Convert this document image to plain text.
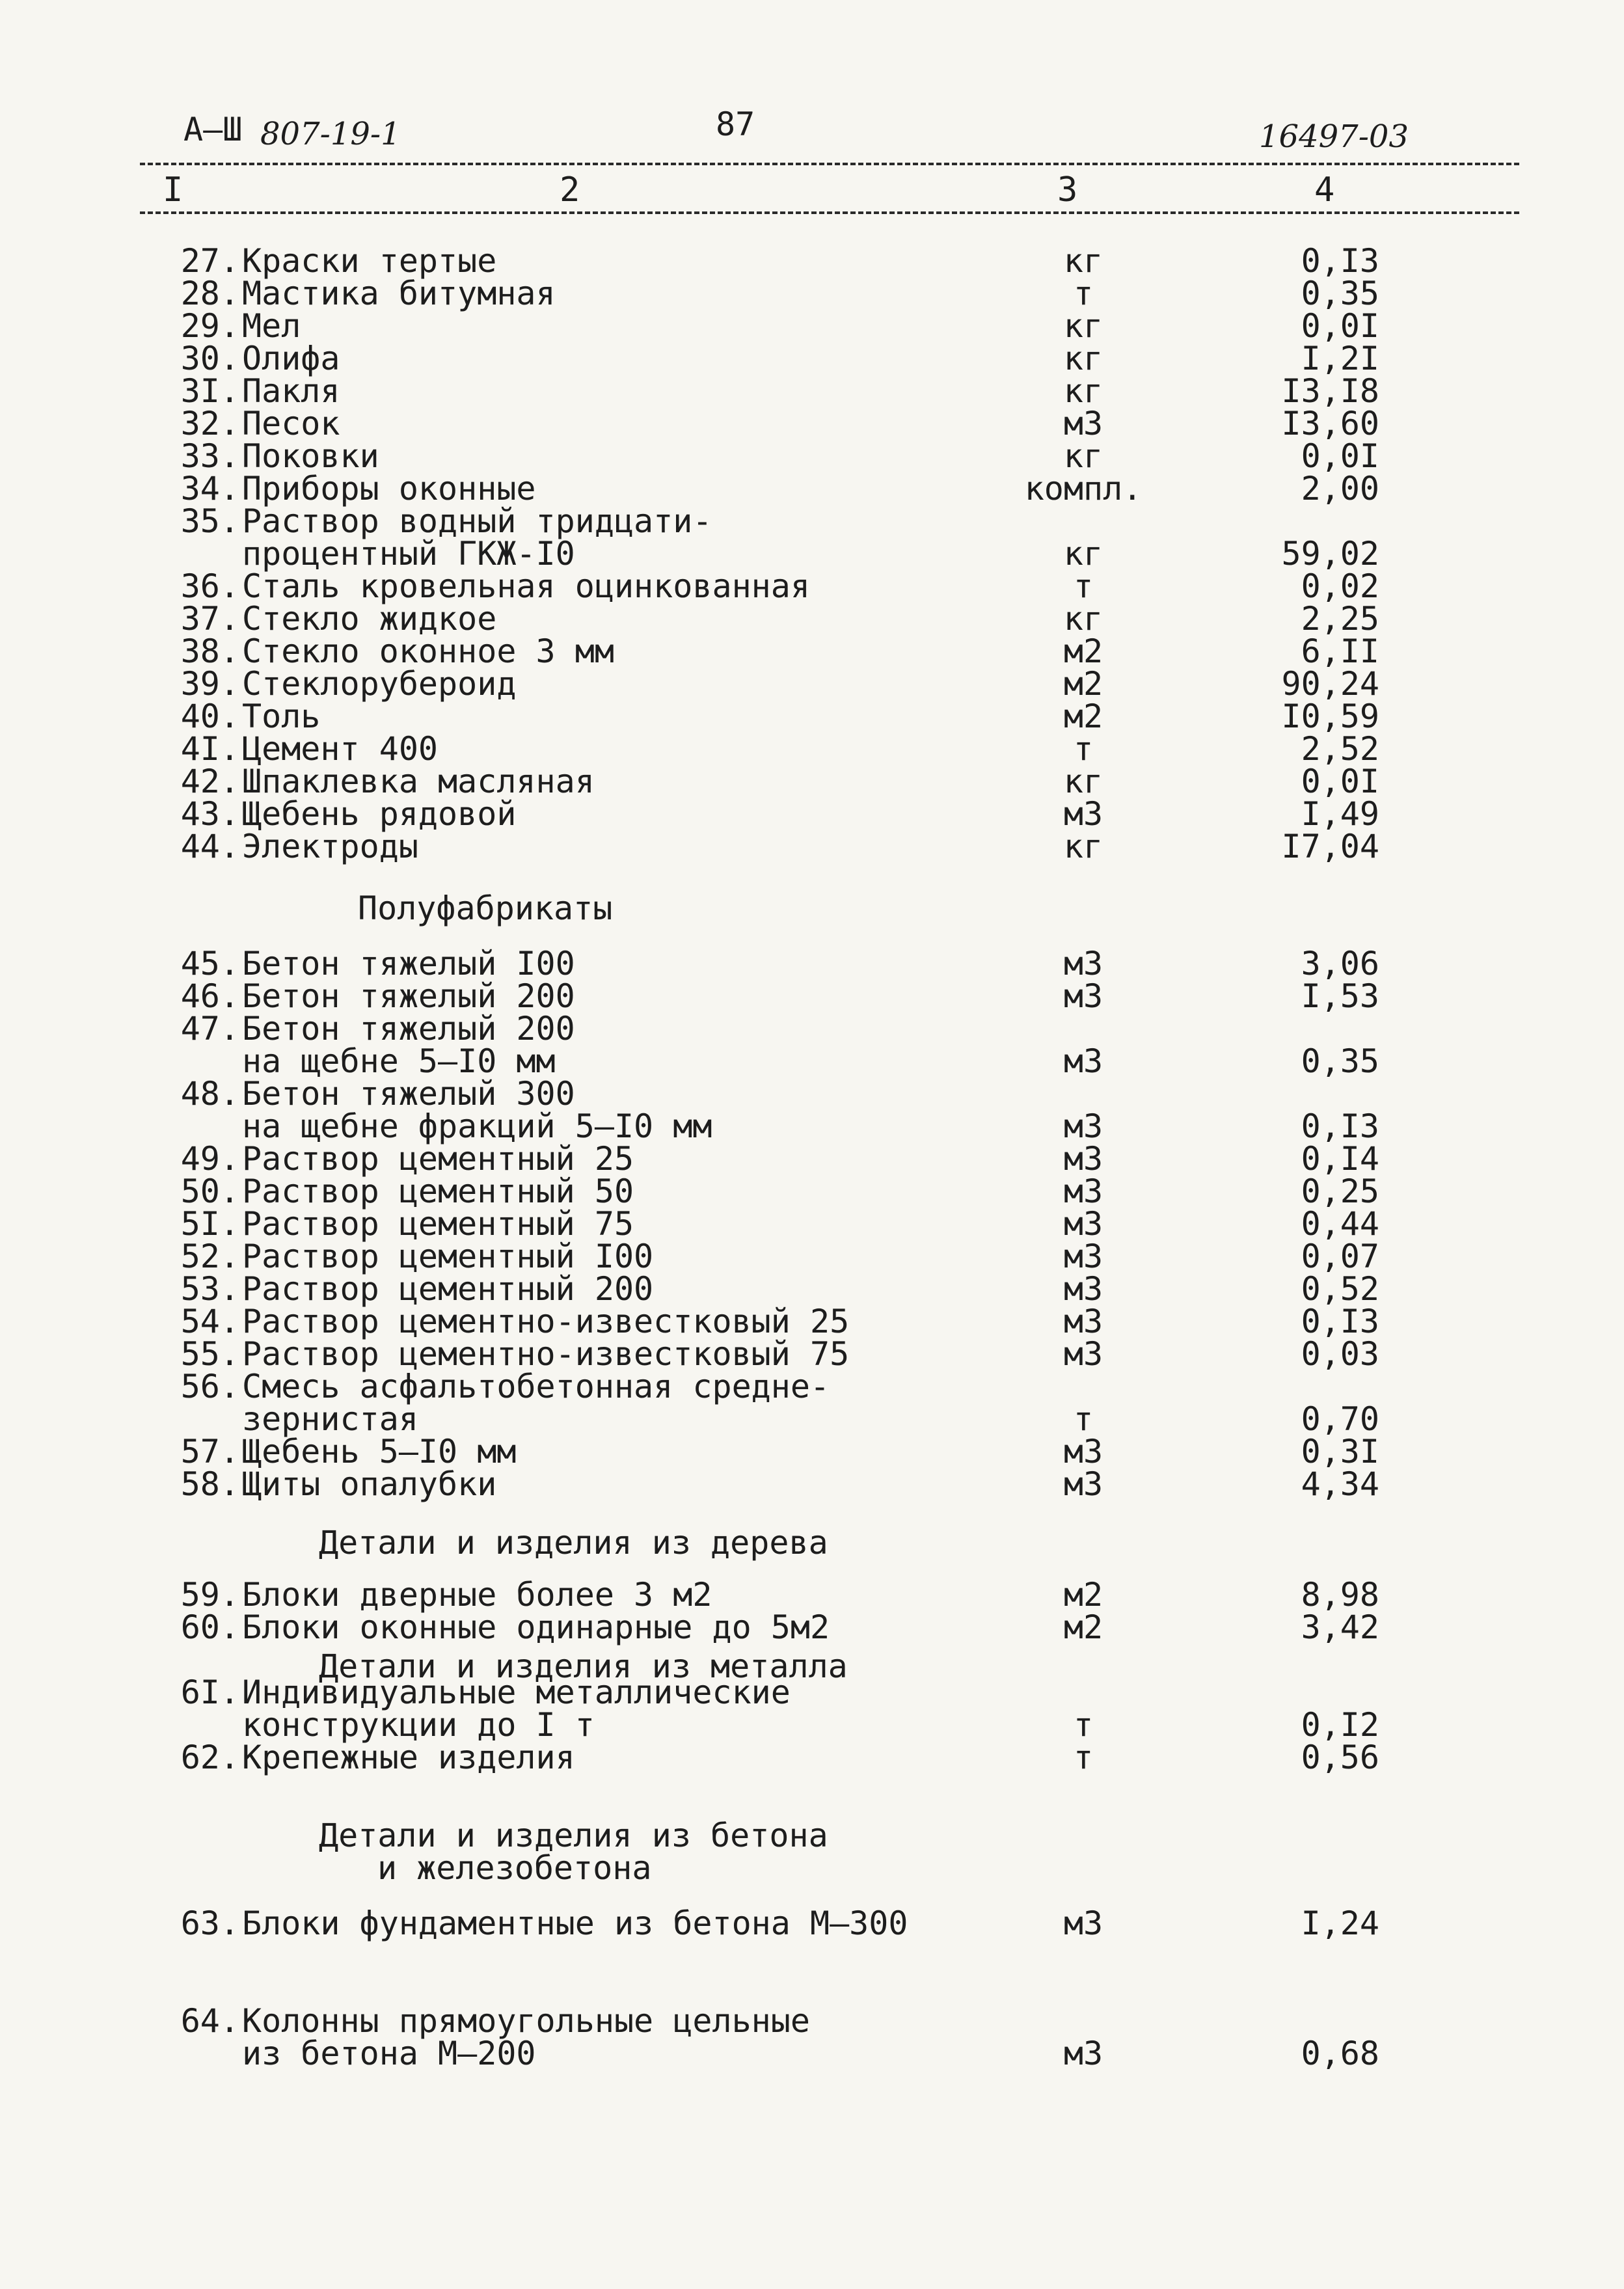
А–Ш 807-19-1	87	16497-03
I	2	3	4
27. Краски тертые	кг	0,I3
28. Мастика битумная	т	0,35
29. Мел	кг	0,0I
30. Олифа	кг	I,2I
3I. Пакля	кг	I3,I8
32. Песок	м3	I3,60
33. Поковки	кг	0,0I
34. Приборы оконные	компл.	2,00
35. Раствор водный тридцати-
процентный ГКЖ-I0	кг	59,02
36. Сталь кровельная оцинкованная	т	0,02
37. Стекло жидкое	кг	2,25
38. Стекло оконное 3 мм	м2	6,II
39. Стеклорубероид	м2	90,24
40. Толь	м2	I0,59
4I. Цемент 400	т	2,52
42. Шпаклевка масляная	кг	0,0I
43. Щебень рядовой	м3	I,49
44. Электроды	кг	I7,04
45. Бетон тяжелый I00	м3	3,06
46. Бетон тяжелый 200	м3	I,53
47. Бетон тяжелый 200
на щебне 5–I0 мм	м3	0,35
48. Бетон тяжелый 300
на щебне фракций 5–I0 мм	м3	0,I3
49. Раствор цементный 25	м3	0,I4
50. Раствор цементный 50	м3	0,25
5I. Раствор цементный 75	м3	0,44
52. Раствор цементный I00	м3	0,07
53. Раствор цементный 200	м3	0,52
54. Раствор цементно-известковый 25	м3	0,I3
55. Раствор цементно-известковый 75	м3	0,03
56. Смесь асфальтобетонная средне-
зернистая	т	0,70
57. Щебень 5–I0 мм	м3	0,3I
58. Щиты опалубки	м3	4,34
59. Блоки дверные более 3 м2	м2	8,98
60. Блоки оконные одинарные до 5м2	м2	3,42
6I. Индивидуальные металлические
конструкции до I т	т	0,I2
62. Крепежные изделия	т	0,56
63. Блоки фундаментные из бетона М–300	м3	I,24
64. Колонны прямоугольные цельные
из бетона М–200	м3	0,68
Полуфабрикаты
Детали и изделия из дерева
Детали и изделия из металла
Детали и изделия из бетона
и железобетона
